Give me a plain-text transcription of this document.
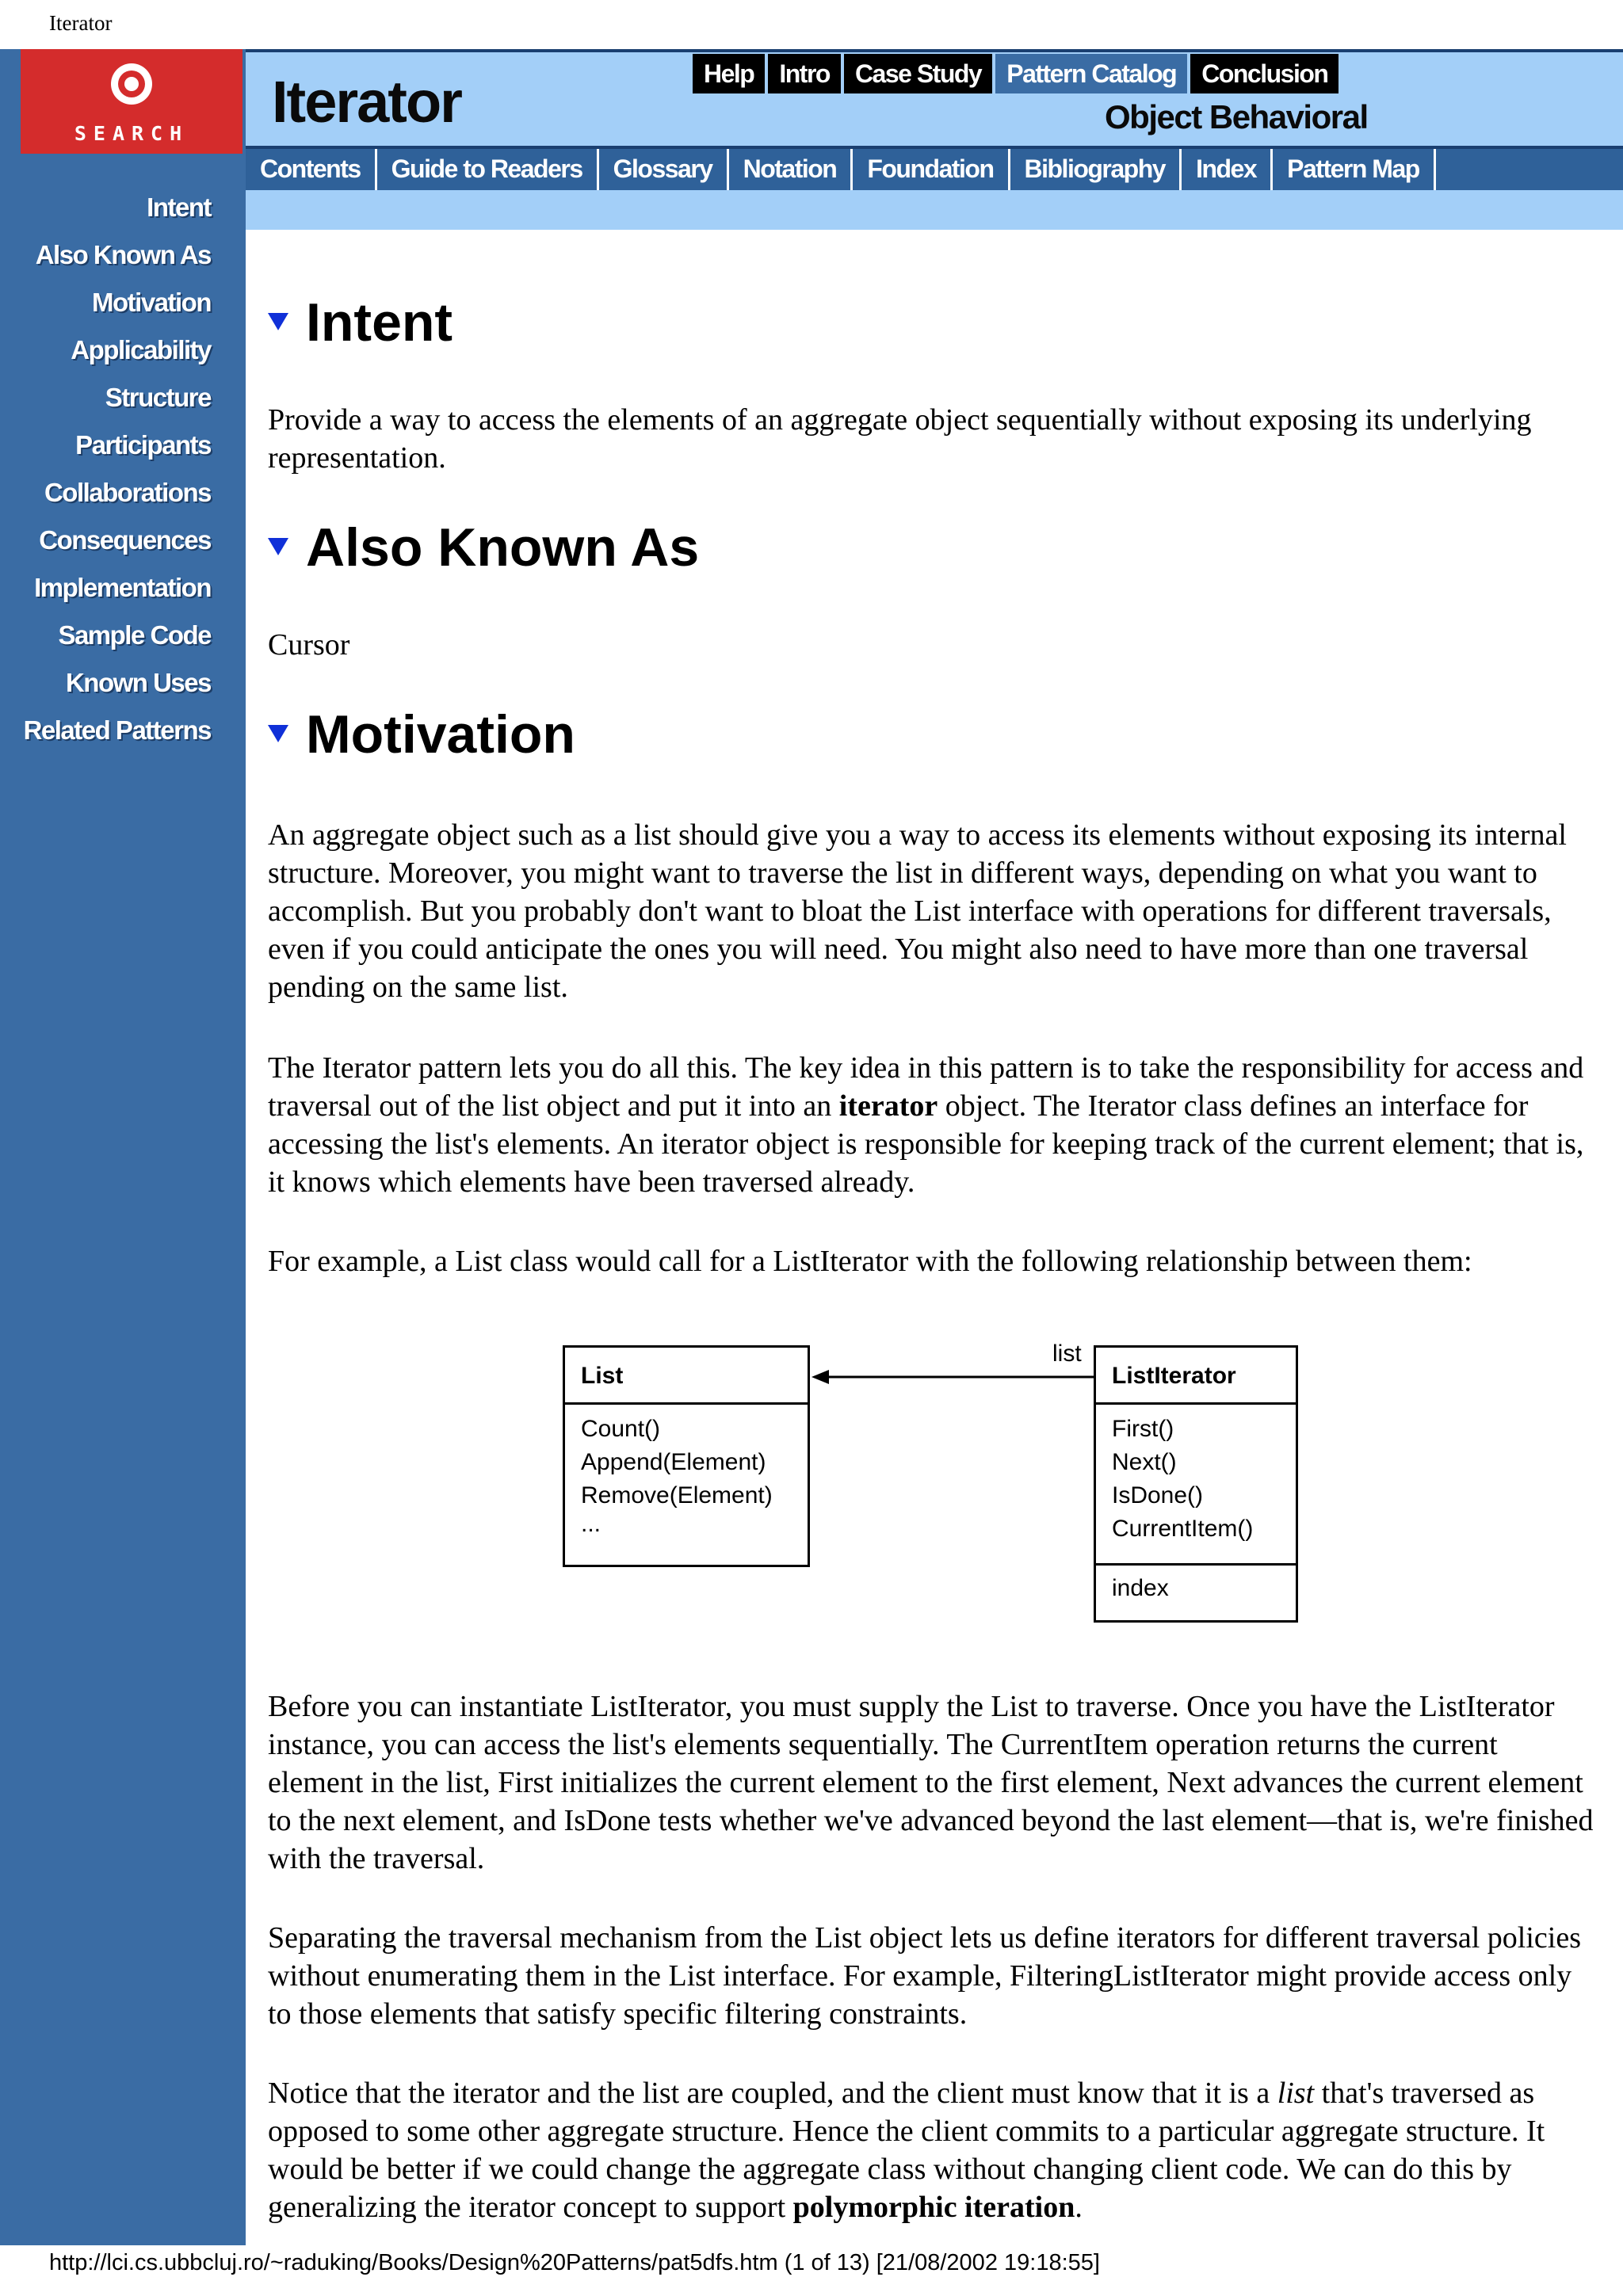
Iterator
SEARCH
Intent
Also Known As
Motivation
Applicability
Structure
Participants
Collaborations
Consequences
Implementation
Sample Code
Known Uses
Related Patterns
Iterator	Object Behavioral
Help	Intro	Case Study	Pattern Catalog	Conclusion
Contents	Guide to Readers	Glossary	Notation	Foundation	Bibliography	Index	Pattern Map
Intent
Provide a way to access the elements of an aggregate object sequentially without exposing its underlying representation.
Also Known As
Cursor
Motivation
An aggregate object such as a list should give you a way to access its elements without exposing its internal structure. Moreover, you might want to traverse the list in different ways, depending on what you want to accomplish. But you probably don't want to bloat the List interface with operations for different traversals, even if you could anticipate the ones you will need. You might also need to have more than one traversal pending on the same list.
The Iterator pattern lets you do all this. The key idea in this pattern is to take the responsibility for access and traversal out of the list object and put it into an iterator object. The Iterator class defines an interface for accessing the list's elements. An iterator object is responsible for keeping track of the current element; that is, it knows which elements have been traversed already.
For example, a List class would call for a ListIterator with the following relationship between them:
Before you can instantiate ListIterator, you must supply the List to traverse. Once you have the ListIterator instance, you can access the list's elements sequentially. The CurrentItem operation returns the current element in the list, First initializes the current element to the first element, Next advances the current element to the next element, and IsDone tests whether we've advanced beyond the last element—that is, we're finished with the traversal.
Separating the traversal mechanism from the List object lets us define iterators for different traversal policies without enumerating them in the List interface. For example, FilteringListIterator might provide access only to those elements that satisfy specific filtering constraints.
Notice that the iterator and the list are coupled, and the client must know that it is a list that's traversed as opposed to some other aggregate structure. Hence the client commits to a particular aggregate structure. It would be better if we could change the aggregate class without changing client code. We can do this by generalizing the iterator concept to support polymorphic iteration.
List
Count()
Append(Element)
Remove(Element)
...
list
ListIterator
First()
Next()
IsDone()
CurrentItem()
index
http://lci.cs.ubbcluj.ro/~raduking/Books/Design%20Patterns/pat5dfs.htm (1 of 13) [21/08/2002 19:18:55]
